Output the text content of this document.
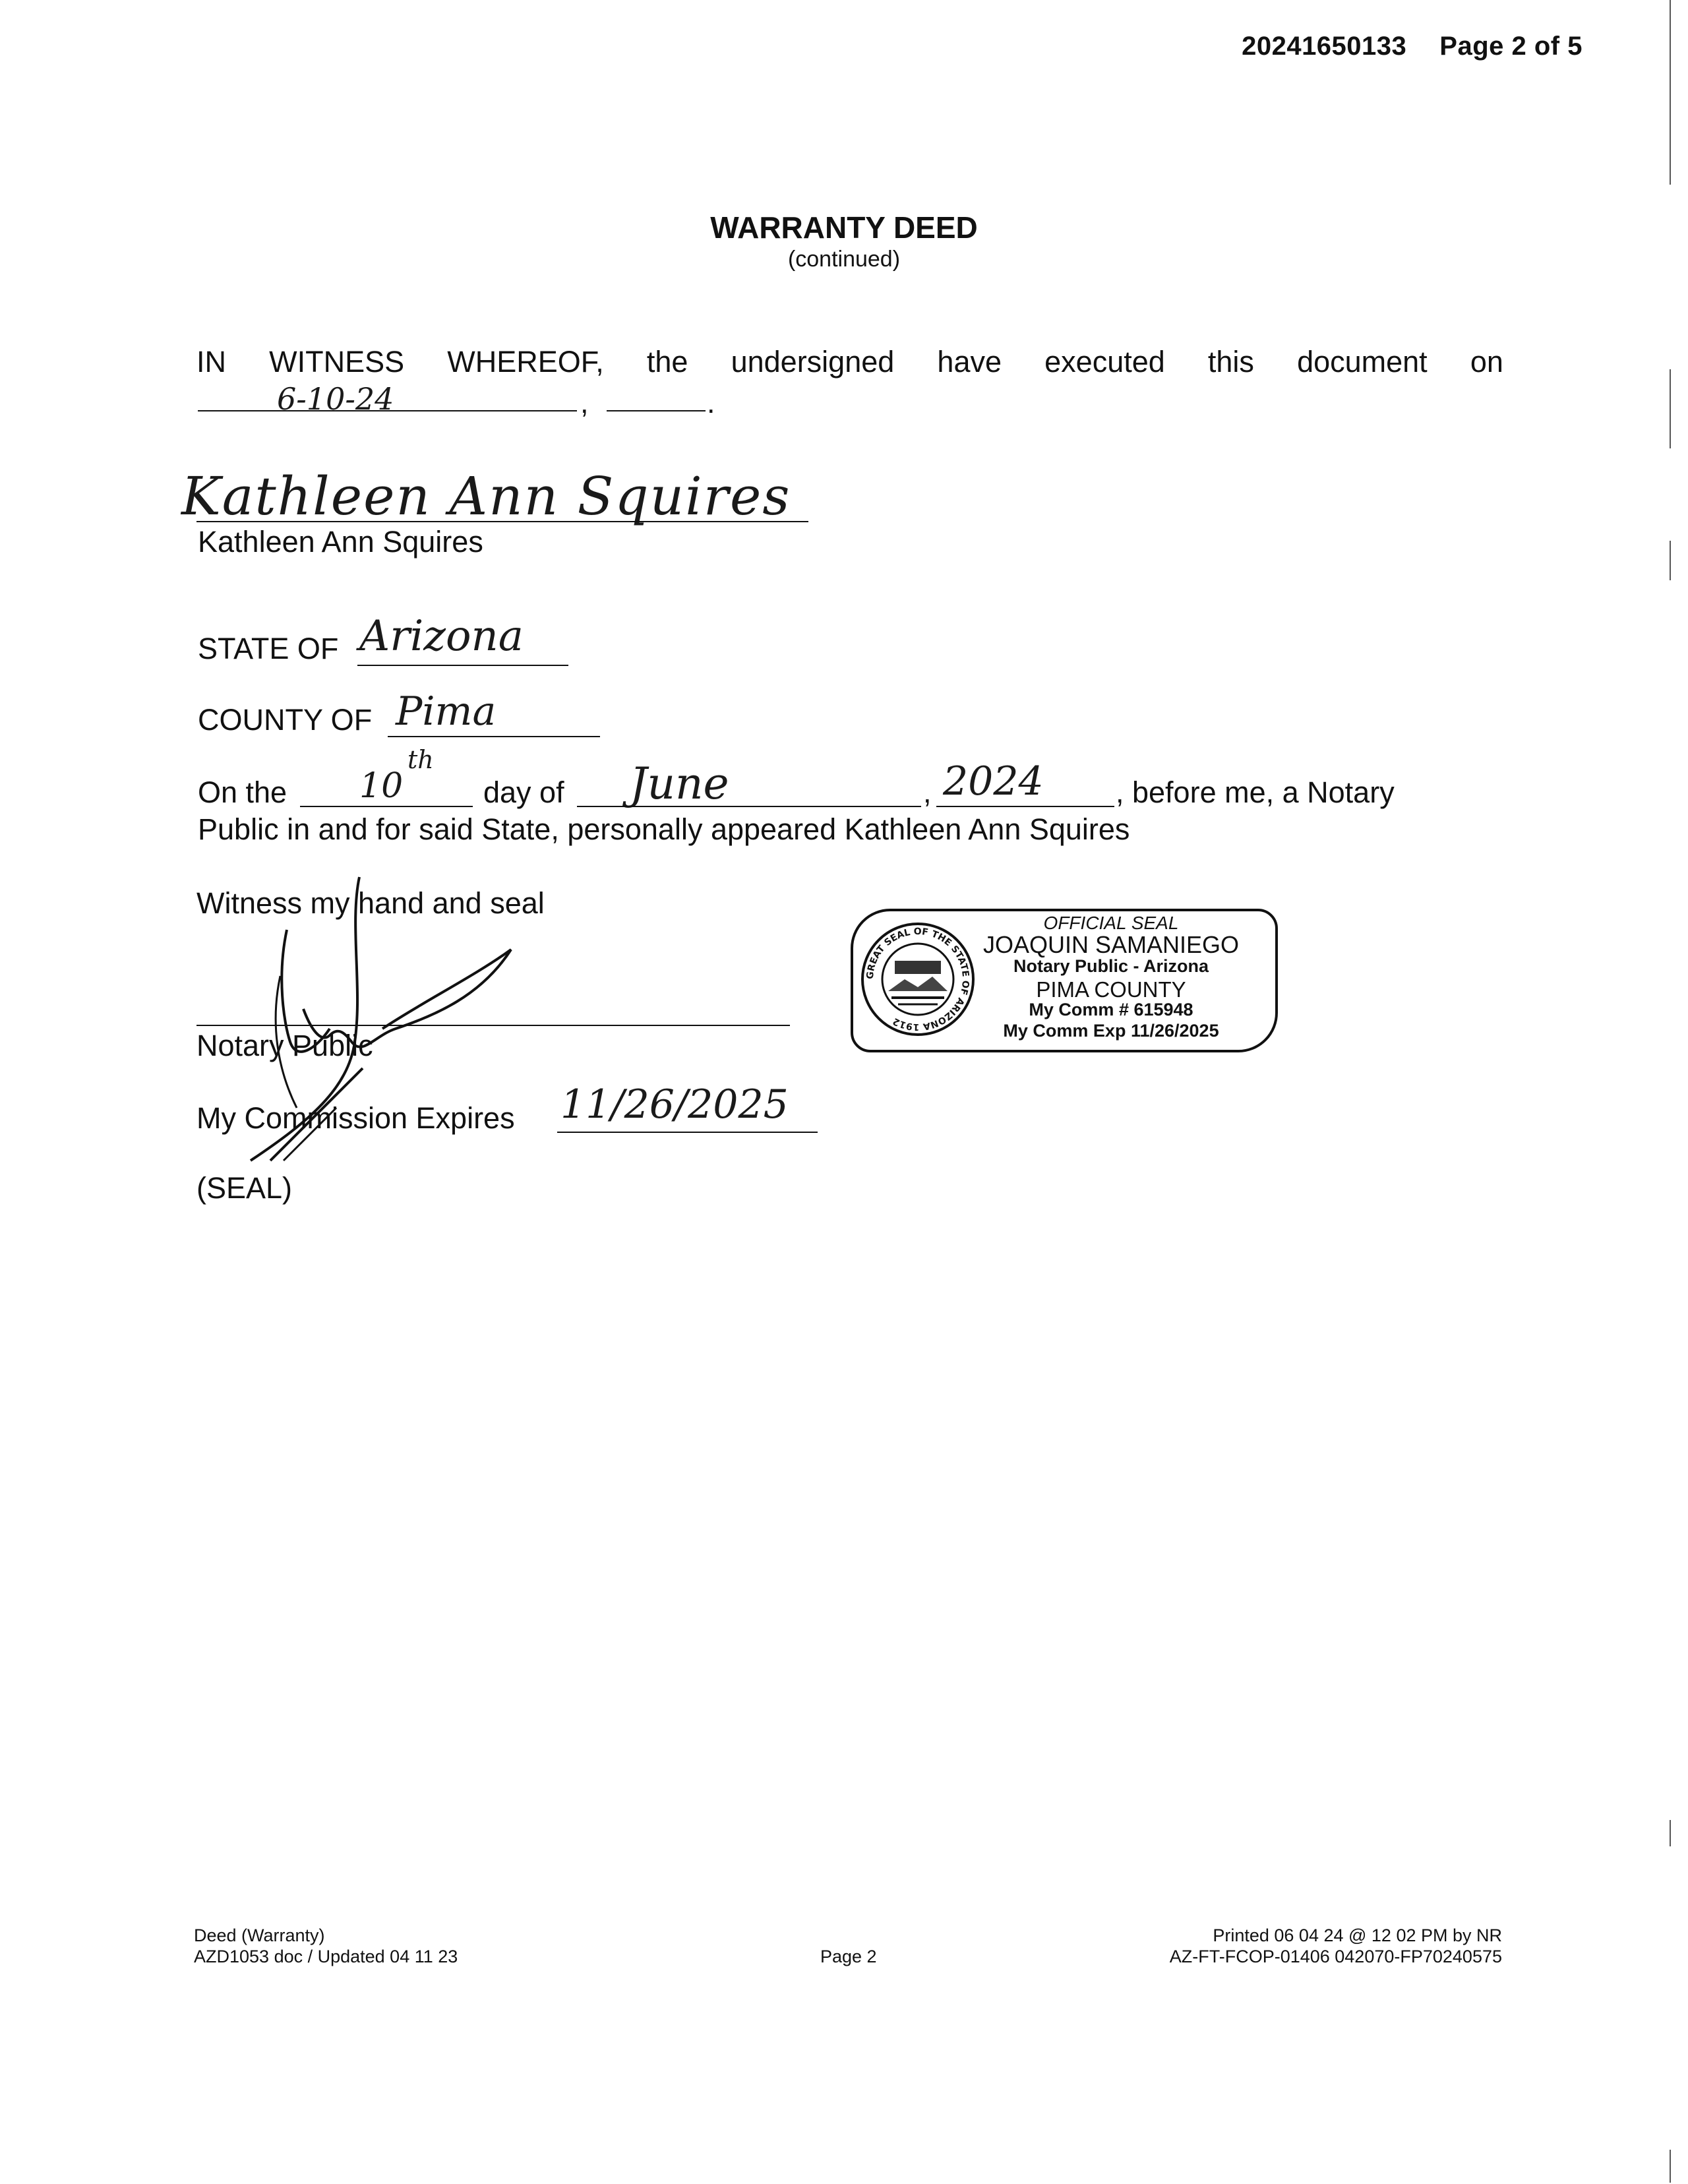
20241650133 Page 2 of 5
WARRANTY DEED
(continued)
IN WITNESS WHEREOF, the undersigned have executed this document on
6-10-24	,	.
Kathleen Ann Squires
Kathleen Ann Squires
STATE OF Arizona
COUNTY OF Pima
On the 10
th
day of June	, 2024 , before me, a Notary
Public in and for said State, personally appeared Kathleen Ann Squires
Witness my hand and seal
Notary Public
My Commission Expires 11/26/2025
(SEAL)
GREAT SEAL OF THE STATE OF ARIZONA 1912
OFFICIAL SEAL
JOAQUIN SAMANIEGO
Notary Public - Arizona
PIMA COUNTY
My Comm # 615948
My Comm Exp 11/26/2025
Deed (Warranty)
AZD1053 doc / Updated 04 11 23	Page 2
Printed 06 04 24 @ 12 02 PM by NR
AZ-FT-FCOP-01406 042070-FP70240575
